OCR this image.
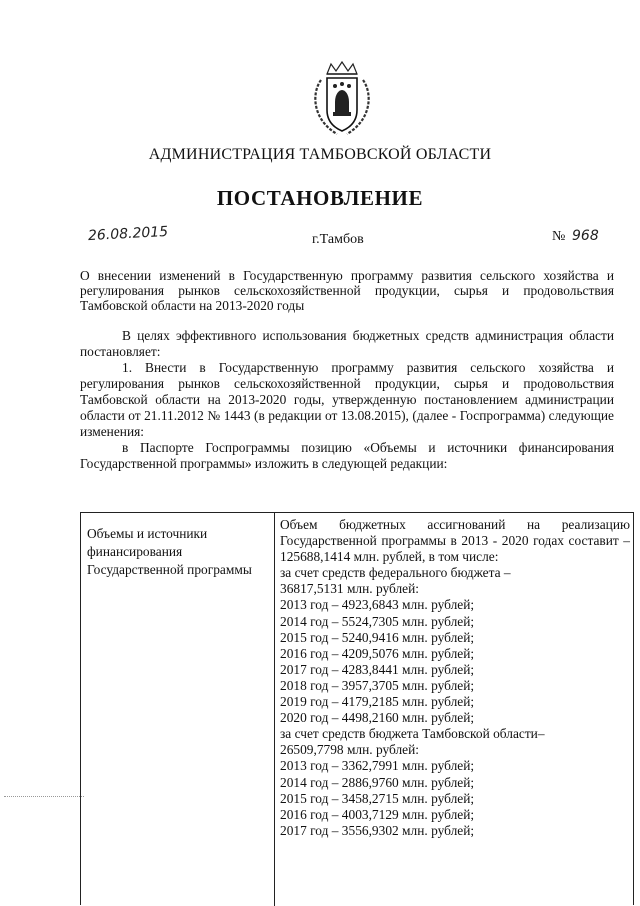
АДМИНИСТРАЦИЯ ТАМБОВСКОЙ ОБЛАСТИ
ПОСТАНОВЛЕНИЕ
26.08.2015	г.Тамбов	№ 968
О внесении изменений в Государственную программу развития сельского хозяйства и регулирования рынков сельскохозяйственной продукции, сырья и продовольствия Тамбовской области на 2013-2020 годы
В целях эффективного использования бюджетных средств администрация области постановляет:
1. Внести в Государственную программу развития сельского хозяйства и регулирования рынков сельскохозяйственной продукции, сырья и продовольствия Тамбовской области на 2013-2020 годы, утвержденную постановлением администрации области от 21.11.2012 № 1443 (в редакции от 13.08.2015), (далее - Госпрограмма) следующие изменения:
в Паспорте Госпрограммы позицию «Объемы и источники финансирования Государственной программы» изложить в следующей редакции:
Объемы и источники финансирования Государственной программы

Объем бюджетных ассигнований на реализацию Государственной программы в 2013 - 2020 годах составит – 125688,1414 млн. рублей, в том числе:

за счет средств федерального бюджета –

36817,5131 млн. рублей:

2013 год – 4923,6843 млн. рублей;

2014 год – 5524,7305 млн. рублей;

2015 год – 5240,9416 млн. рублей;

2016 год – 4209,5076 млн. рублей;

2017 год – 4283,8441 млн. рублей;

2018 год – 3957,3705 млн. рублей;

2019 год – 4179,2185 млн. рублей;

2020 год – 4498,2160 млн. рублей;

за счет средств бюджета Тамбовской области–

26509,7798 млн. рублей:

2013 год – 3362,7991 млн. рублей;

2014 год – 2886,9760 млн. рублей;

2015 год – 3458,2715 млн. рублей;

2016 год – 4003,7129 млн. рублей;

2017 год – 3556,9302 млн. рублей;
